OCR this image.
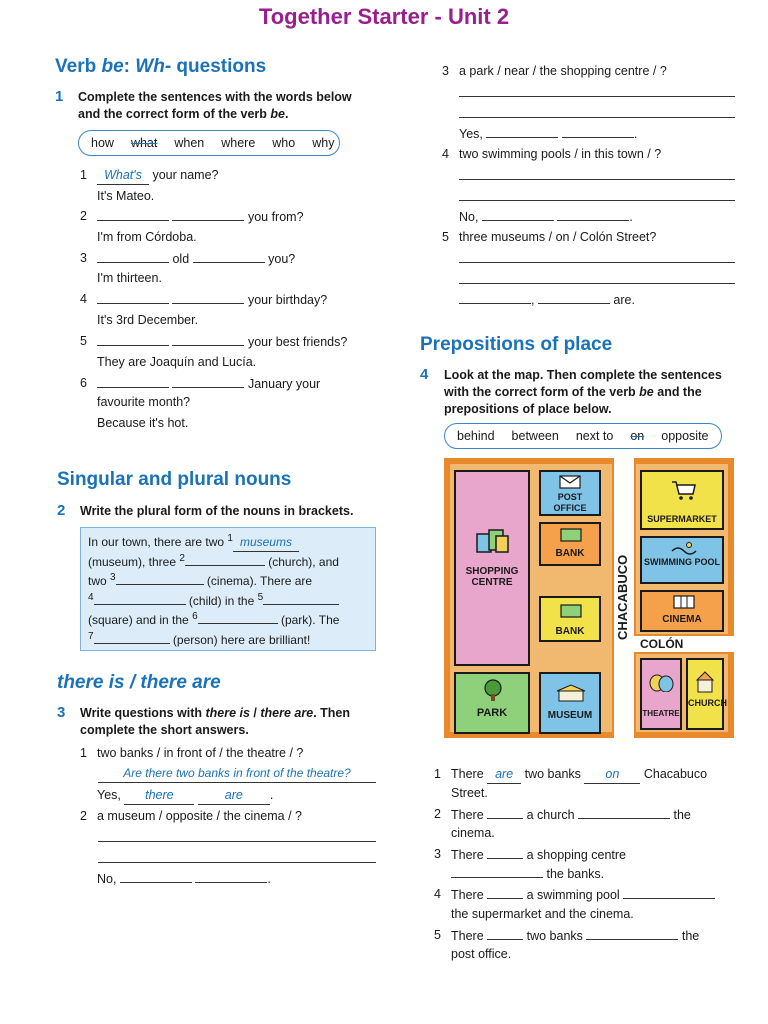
Together Starter - Unit 2
Verb be: Wh- questions
1 Complete the sentences with the words below
and the correct form of the verb be.
how what when where who why
1	What's your name?
It's Mateo.
2	you from?
I'm from Córdoba.
3	old	you?
I'm thirteen.
4	your birthday?
It's 3rd December.
5	your best friends?
They are Joaquín and Lucía.
6	January your
favourite month?
Because it's hot.
Singular and plural nouns
2 Write the plural form of the nouns in brackets.
In our town, there are two $^1$ museums
(museum), three $^2$	(church), and
two $^3$	(cinema). There are
$^4$	(child) in the $^5$
(square) and in the $^6$	(park). The
$^7$	(person) here are brilliant!
there is / there are
3 Write questions with there is / there are. Then
complete the short answers.
1 two banks / in front of / the theatre / ?
Are there two banks in front of the theatre?
Yes, there	are .
2 a museum / opposite / the cinema / ?
No,	.
3 a park / near / the shopping centre / ?
Yes,	.
4 two swimming pools / in this town / ?
No,	.
5 three museums / on / Colón Street?
,	are.
Prepositions of place
4 Look at the map. Then complete the sentences
with the correct form of the verb be and the
prepositions of place below.
behind between next to on opposite
SHOPPING CENTRE
POST OFFICE
BANK
BANK
PARK	MUSEUM
SUPERMARKET
SWIMMING POOL
CINEMA
THEATRE
CHURCH
CHACABUCO
COLÓN
1 There are two banks on Chacabuco
Street.
2 There	a church	the
cinema.
3 There	a shopping centre
the banks.
4 There	a swimming pool
the supermarket and the cinema.
5 There	two banks	the
post office.
